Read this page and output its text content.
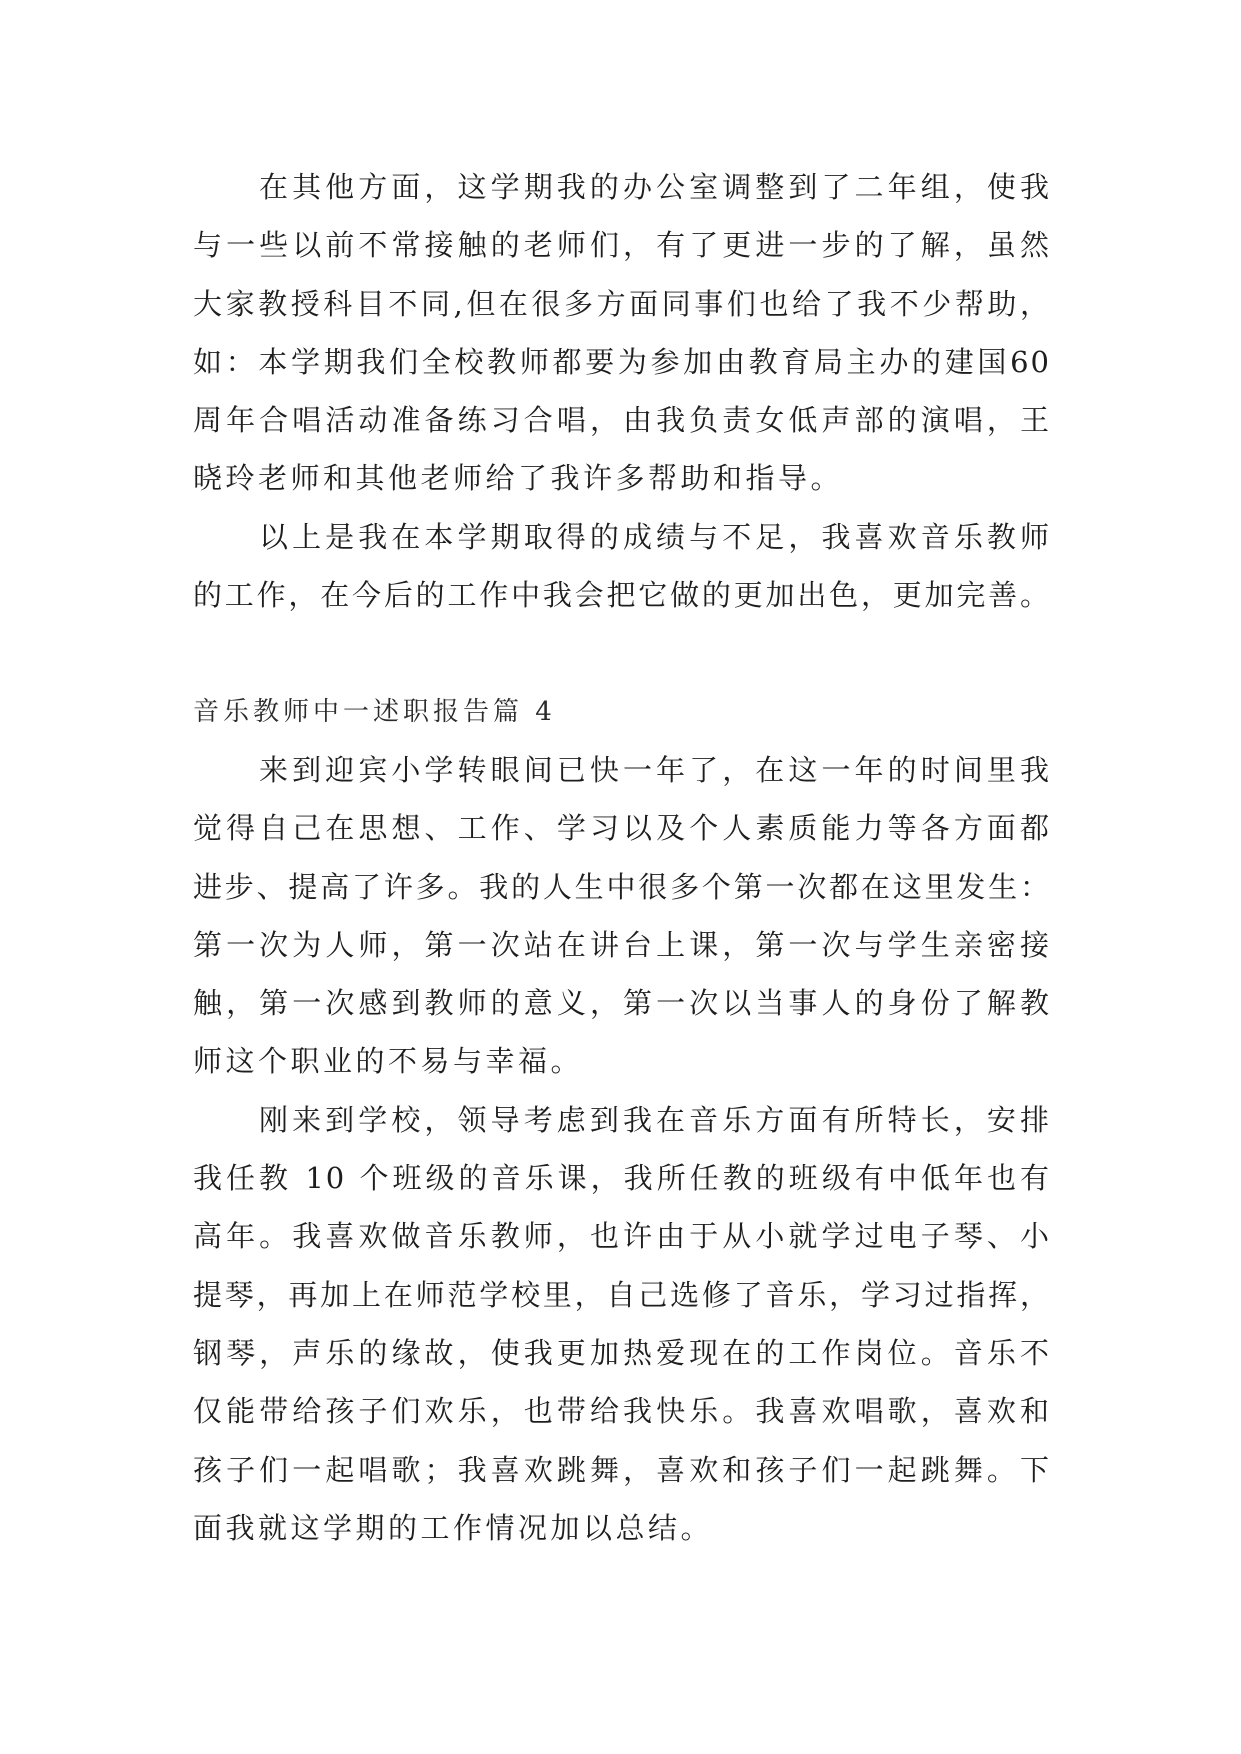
在其他方面，这学期我的办公室调整到了二年组，使我
与一些以前不常接触的老师们，有了更进一步的了解，虽然
大家教授科目不同,但在很多方面同事们也给了我不少帮助，
如：本学期我们全校教师都要为参加由教育局主办的建国60
周年合唱活动准备练习合唱，由我负责女低声部的演唱，王
晓玲老师和其他老师给了我许多帮助和指导。
以上是我在本学期取得的成绩与不足，我喜欢音乐教师
的工作，在今后的工作中我会把它做的更加出色，更加完善。
音乐教师中一述职报告篇 4
来到迎宾小学转眼间已快一年了，在这一年的时间里我
觉得自己在思想、工作、学习以及个人素质能力等各方面都
进步、提高了许多。我的人生中很多个第一次都在这里发生：
第一次为人师，第一次站在讲台上课，第一次与学生亲密接
触，第一次感到教师的意义，第一次以当事人的身份了解教
师这个职业的不易与幸福。
刚来到学校，领导考虑到我在音乐方面有所特长，安排
我任教 10 个班级的音乐课，我所任教的班级有中低年也有
高年。我喜欢做音乐教师，也许由于从小就学过电子琴、小
提琴，再加上在师范学校里，自己选修了音乐，学习过指挥，
钢琴，声乐的缘故，使我更加热爱现在的工作岗位。音乐不
仅能带给孩子们欢乐，也带给我快乐。我喜欢唱歌，喜欢和
孩子们一起唱歌；我喜欢跳舞，喜欢和孩子们一起跳舞。下
面我就这学期的工作情况加以总结。
